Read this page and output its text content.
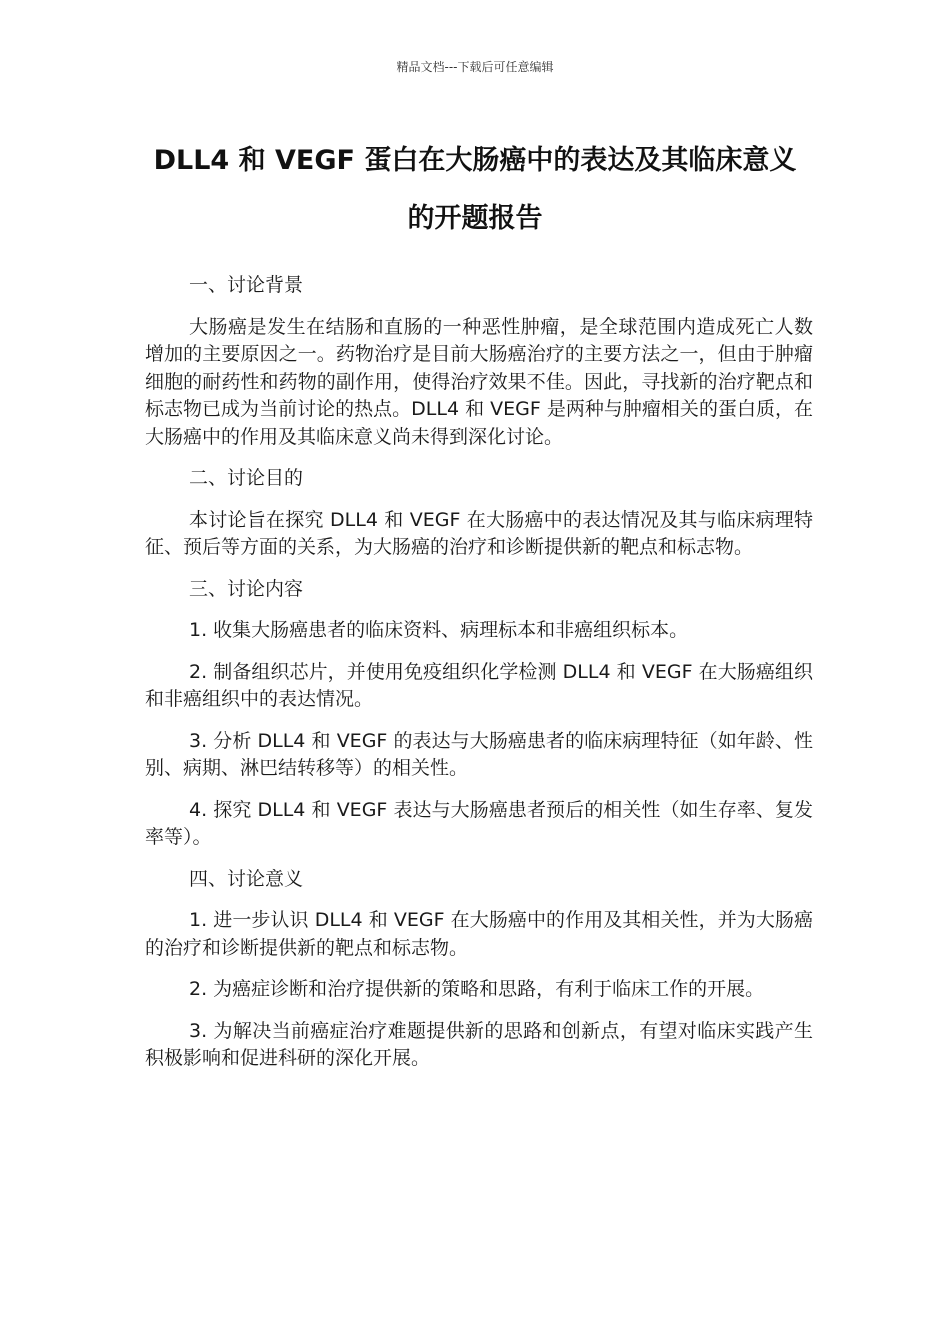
精品文档---下载后可任意编辑
DLL4 和 VEGF 蛋白在大肠癌中的表达及其临床意义
的开题报告

一、讨论背景

大肠癌是发生在结肠和直肠的一种恶性肿瘤，是全球范围内造成死亡人数增加的主要原因之一。药物治疗是目前大肠癌治疗的主要方法之一，但由于肿瘤细胞的耐药性和药物的副作用，使得治疗效果不佳。因此，寻找新的治疗靶点和标志物已成为当前讨论的热点。DLL4 和 VEGF 是两种与肿瘤相关的蛋白质，在大肠癌中的作用及其临床意义尚未得到深化讨论。

二、讨论目的

本讨论旨在探究 DLL4 和 VEGF 在大肠癌中的表达情况及其与临床病理特征、预后等方面的关系，为大肠癌的治疗和诊断提供新的靶点和标志物。

三、讨论内容

1. 收集大肠癌患者的临床资料、病理标本和非癌组织标本。

2. 制备组织芯片，并使用免疫组织化学检测 DLL4 和 VEGF 在大肠癌组织和非癌组织中的表达情况。

3. 分析 DLL4 和 VEGF 的表达与大肠癌患者的临床病理特征（如年龄、性别、病期、淋巴结转移等）的相关性。

4. 探究 DLL4 和 VEGF 表达与大肠癌患者预后的相关性（如生存率、复发率等）。

四、讨论意义

1. 进一步认识 DLL4 和 VEGF 在大肠癌中的作用及其相关性，并为大肠癌的治疗和诊断提供新的靶点和标志物。

2. 为癌症诊断和治疗提供新的策略和思路，有利于临床工作的开展。

3. 为解决当前癌症治疗难题提供新的思路和创新点，有望对临床实践产生积极影响和促进科研的深化开展。
